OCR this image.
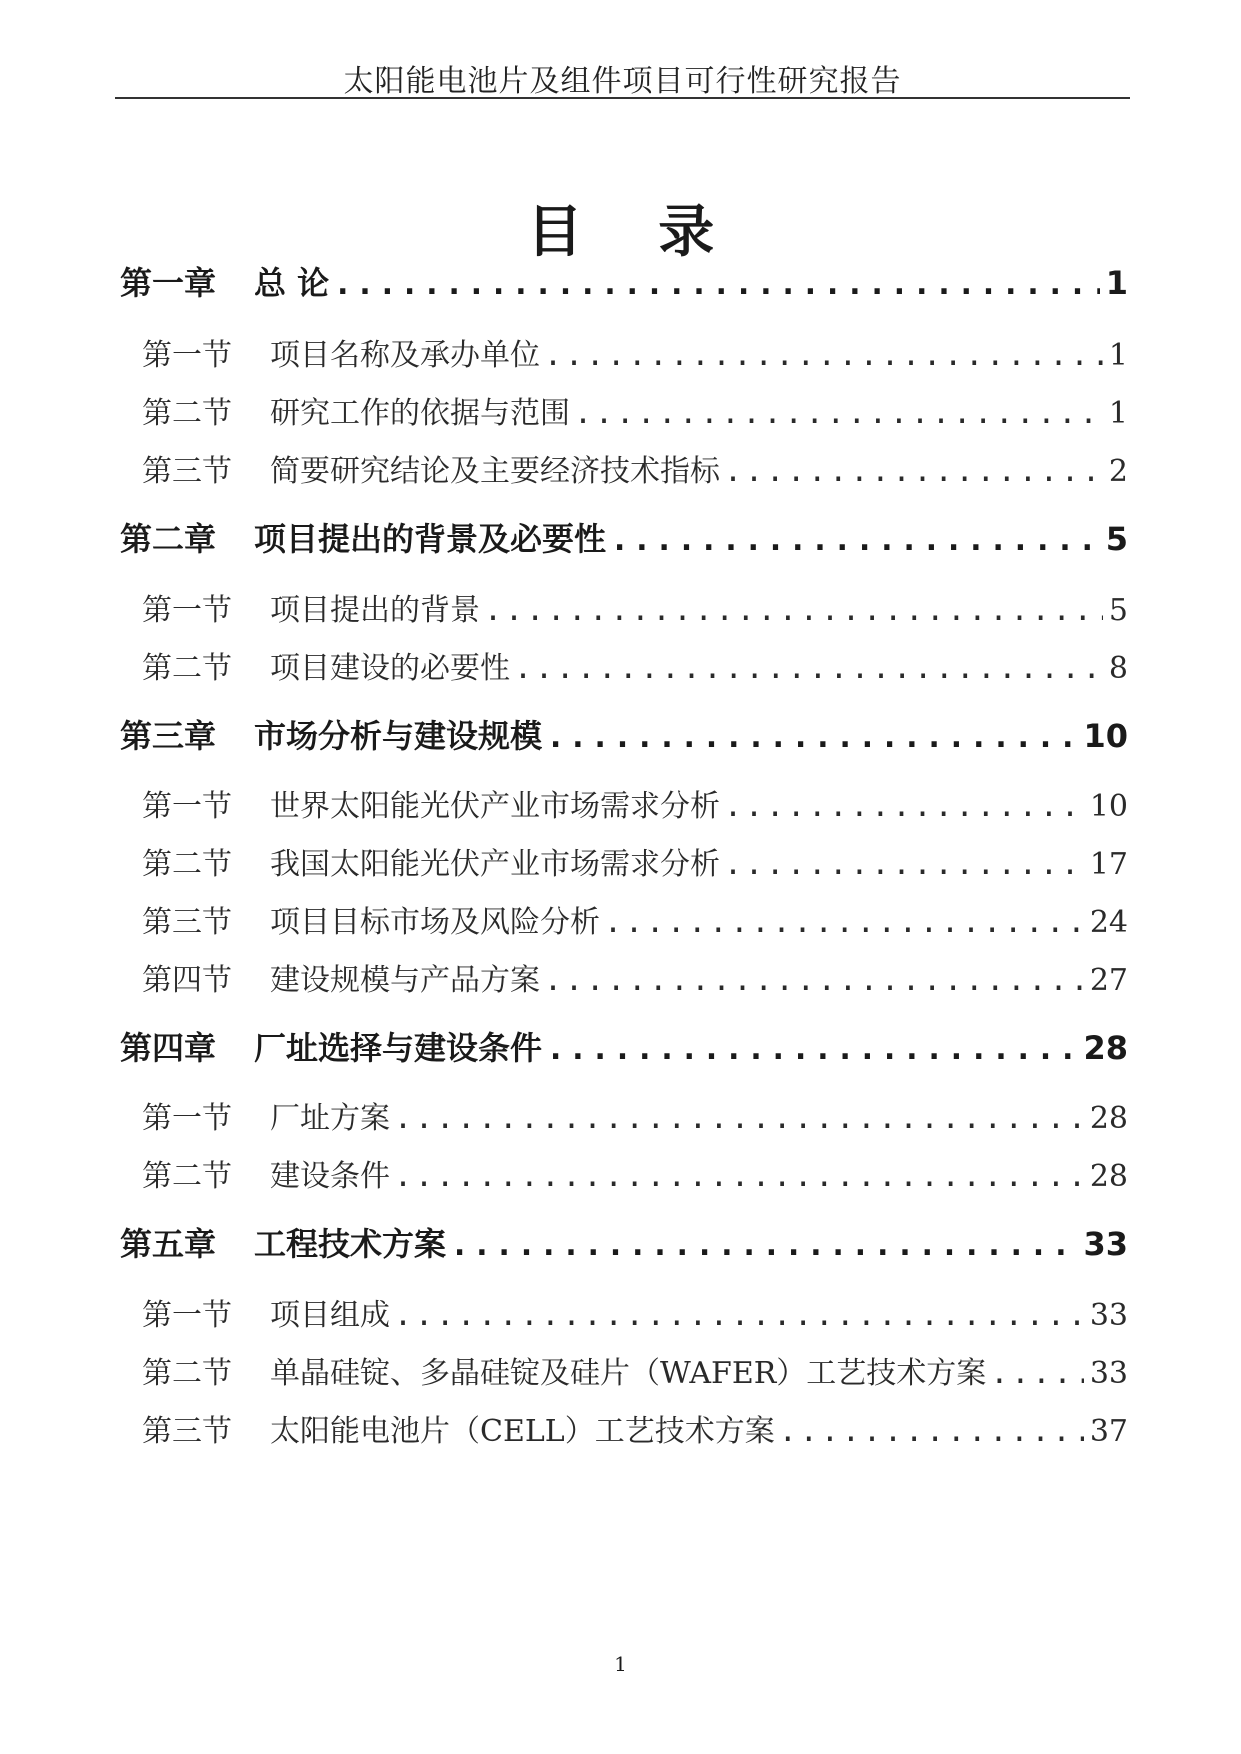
太阳能电池片及组件项目可行性研究报告
目 录
第一章	总 论 .....	1
第一节	项目名称及承办单位 .....	1
第二节	研究工作的依据与范围 .....	1
第三节	简要研究结论及主要经济技术指标 .....	2
第二章	项目提出的背景及必要性 .....	5
第一节	项目提出的背景 .....	5
第二节	项目建设的必要性 .....	8
第三章	市场分析与建设规模 .....	10
第一节	世界太阳能光伏产业市场需求分析 .....	10
第二节	我国太阳能光伏产业市场需求分析 .....	17
第三节	项目目标市场及风险分析 .....	24
第四节	建设规模与产品方案 .....	27
第四章	厂址选择与建设条件 .....	28
第一节	厂址方案 .....	28
第二节	建设条件 .....	28
第五章	工程技术方案 .....	33
第一节	项目组成 .....	33
第二节	单晶硅锭、多晶硅锭及硅片（WAFER）工艺技术方案 .....	33
第三节	太阳能电池片（CELL）工艺技术方案 .....	37
1
